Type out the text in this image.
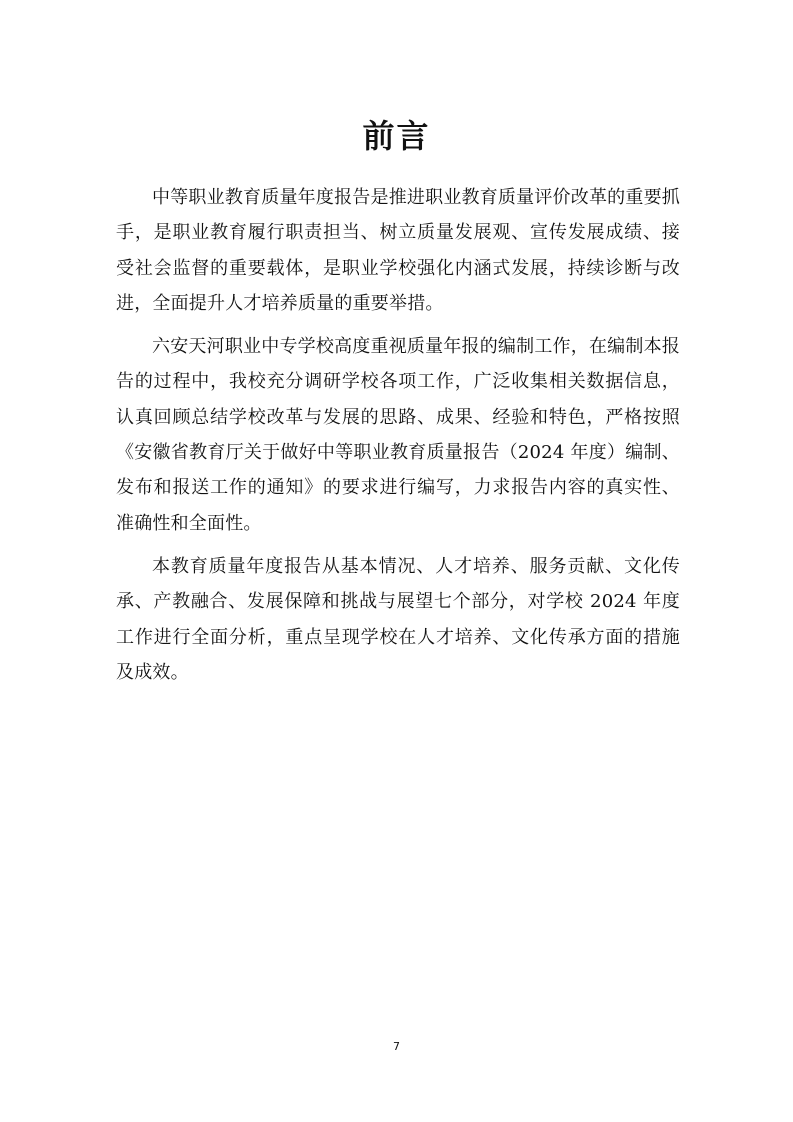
前言

中等职业教育质量年度报告是推进职业教育质量评价改革的重要抓手，是职业教育履行职责担当、树立质量发展观、宣传发展成绩、接受社会监督的重要载体，是职业学校强化内涵式发展，持续诊断与改进，全面提升人才培养质量的重要举措。

六安天河职业中专学校高度重视质量年报的编制工作，在编制本报告的过程中，我校充分调研学校各项工作，广泛收集相关数据信息，认真回顾总结学校改革与发展的思路、成果、经验和特色，严格按照《安徽省教育厅关于做好中等职业教育质量报告（2024 年度）编制、发布和报送工作的通知》的要求进行编写，力求报告内容的真实性、准确性和全面性。

本教育质量年度报告从基本情况、人才培养、服务贡献、文化传承、产教融合、发展保障和挑战与展望七个部分，对学校 2024 年度工作进行全面分析，重点呈现学校在人才培养、文化传承方面的措施及成效。

7
